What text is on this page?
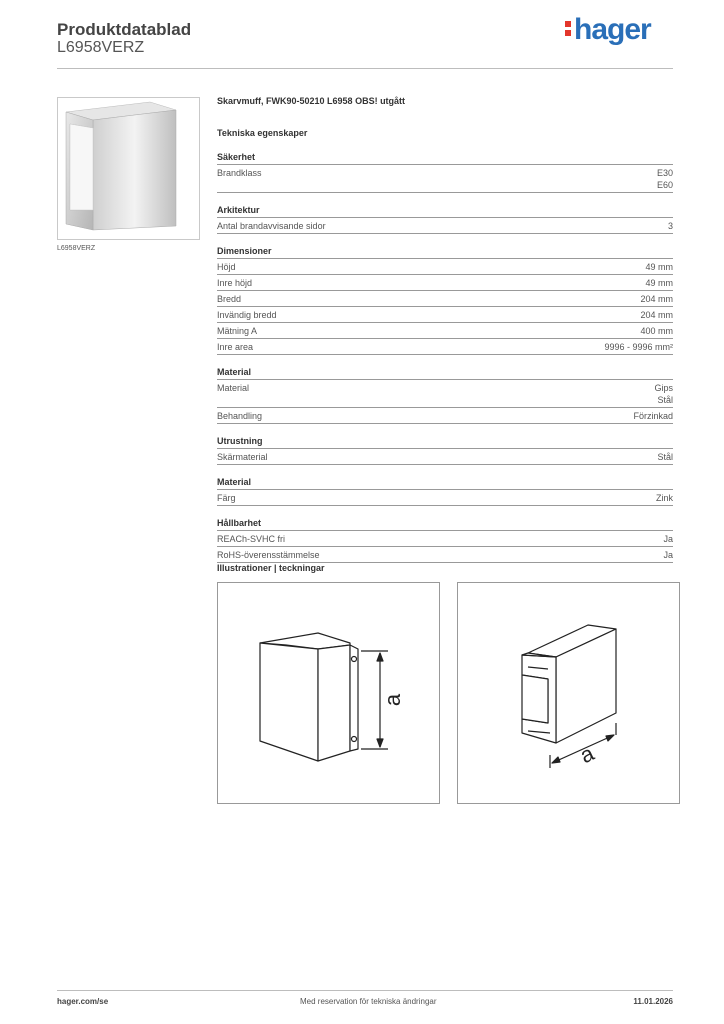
Produktdatablad
L6958VERZ
hager
L6958VERZ
Skarvmuff, FWK90-50210 L6958 OBS! utgått
Tekniska egenskaper
Säkerhet
Brandklass	E30
E60
Arkitektur
Antal brandavvisande sidor	3
Dimensioner
Höjd	49 mm
Inre höjd	49 mm
Bredd	204 mm
Invändig bredd	204 mm
Mätning A	400 mm
Inre area	9996 - 9996 mm²
Material
Material	Gips
Stål
Behandling	Förzinkad
Utrustning
Skärmaterial	Stål
Material
Färg	Zink
Hållbarhet
REACh-SVHC fri	Ja
RoHS-överensstämmelse	Ja
Illustrationer | teckningar
a
a
hager.com/se	Med reservation för tekniska ändringar	11.01.2026
